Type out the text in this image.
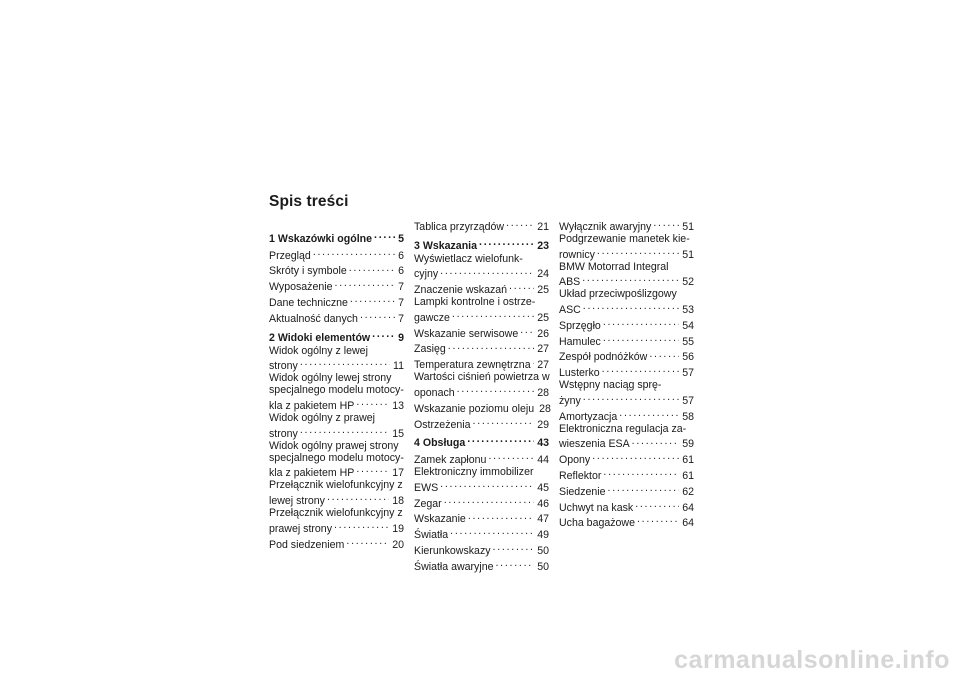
Spis treści
1 Wskazówki ogólne . . . 5
Przegląd . . .	6
Skróty i symbole . . .	6
Wyposażenie . . .	7
Dane techniczne . . .	7
Aktualność danych . . .	7
2 Widoki elementów . . .	9
Widok ogólny z lewej
strony . . .	11
Widok ogólny lewej strony
specjalnego modelu motocy-
kla z pakietem HP . . .	13
Widok ogólny z prawej
strony . . .	15
Widok ogólny prawej strony
specjalnego modelu motocy-
kla z pakietem HP . . .	17
Przełącznik wielofunkcyjny z
lewej strony . . .	18
Przełącznik wielofunkcyjny z
prawej strony . . .	19
Pod siedzeniem . . .	20
Tablica przyrządów . . .	21
3 Wskazania . . .	23
Wyświetlacz wielofunk-
cyjny . . .	24
Znaczenie wskazań . . .	25
Lampki kontrolne i ostrze-
gawcze . . .	25
Wskazanie serwisowe . . . 26
Zasięg . . .	27
Temperatura zewnętrzna . . . 27
Wartości ciśnień powietrza w
oponach . . .	28
Wskazanie poziomu oleju 28
Ostrzeżenia . . .	29
4 Obsługa . . .	43
Zamek zapłonu . . .	44
Elektroniczny immobilizer
EWS . . .	45
Zegar . . .	46
Wskazanie . . .	47
Światła . . .	49
Kierunkowskazy . . .	50
Światła awaryjne . . .	50
Wyłącznik awaryjny . . .	51
Podgrzewanie manetek kie-
rownicy . . .	51
BMW Motorrad Integral
ABS . . .	52
Układ przeciwpoślizgowy
ASC . . .	53
Sprzęgło . . .	54
Hamulec . . .	55
Zespół podnóżków . . .	56
Lusterko . . .	57
Wstępny naciąg sprę-
żyny . . .	57
Amortyzacja . . .	58
Elektroniczna regulacja za-
wieszenia ESA . . .	59
Opony . . .	61
Reflektor . . .	61
Siedzenie . . .	62
Uchwyt na kask . . .	64
Ucha bagażowe . . .	64
carmanualsonline.info
